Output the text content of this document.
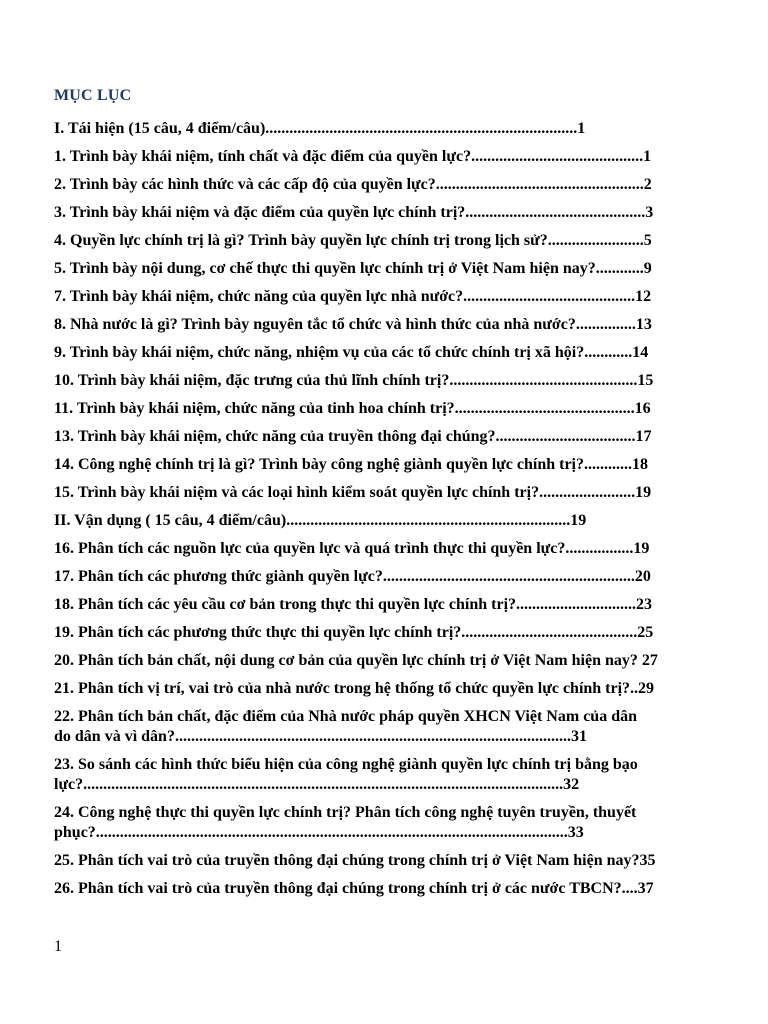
MỤC LỤC
I. Tái hiện (15 câu, 4 điểm/câu)..............................................................................1
1. Trình bày khái niệm, tính chất và đặc điểm của quyền lực?...........................................1
2. Trình bày các hình thức và các cấp độ của quyền lực?....................................................2
3. Trình bày khái niệm và đặc điểm của quyền lực chính trị?.............................................3
4. Quyền lực chính trị là gì? Trình bày quyền lực chính trị trong lịch sử?........................5
5. Trình bày nội dung, cơ chế thực thi quyền lực chính trị ở Việt Nam hiện nay?............9
7. Trình bày khái niệm, chức năng của quyền lực nhà nước?...........................................12
8. Nhà nước là gì? Trình bày nguyên tắc tổ chức và hình thức của nhà nước?...............13
9. Trình bày khái niệm, chức năng, nhiệm vụ của các tổ chức chính trị xã hội?............14
10. Trình bày khái niệm, đặc trưng của thủ lĩnh chính trị?...............................................15
11. Trình bày khái niệm, chức năng của tinh hoa chính trị?.............................................16
13. Trình bày khái niệm, chức năng của truyền thông đại chúng?...................................17
14. Công nghệ chính trị là gì? Trình bày công nghệ giành quyền lực chính trị?............18
15. Trình bày khái niệm và các loại hình kiểm soát quyền lực chính trị?........................19
II. Vận dụng ( 15 câu, 4 điểm/câu).......................................................................19
16. Phân tích các nguồn lực của quyền lực và quá trình thực thi quyền lực?.................19
17. Phân tích các phương thức giành quyền lực?...............................................................20
18. Phân tích các yêu cầu cơ bản trong thực thi quyền lực chính trị?..............................23
19. Phân tích các phương thức thực thi quyền lực chính trị?............................................25
20. Phân tích bản chất, nội dung cơ bản của quyền lực chính trị ở Việt Nam hiện nay? 27
21. Phân tích vị trí, vai trò của nhà nước trong hệ thống tổ chức quyền lực chính trị?..29
22. Phân tích bản chất, đặc điểm của Nhà nước pháp quyền XHCN Việt Nam của dân
do dân và vì dân?...................................................................................................31
23. So sánh các hình thức biểu hiện của công nghệ giành quyền lực chính trị bằng bạo
lực?........................................................................................................................32
24. Công nghệ thực thi quyền lực chính trị? Phân tích công nghệ tuyên truyền, thuyết
phục?......................................................................................................................33
25. Phân tích vai trò của truyền thông đại chúng trong chính trị ở Việt Nam hiện nay?35
26. Phân tích vai trò của truyền thông đại chúng trong chính trị ở các nước TBCN?....37

1
